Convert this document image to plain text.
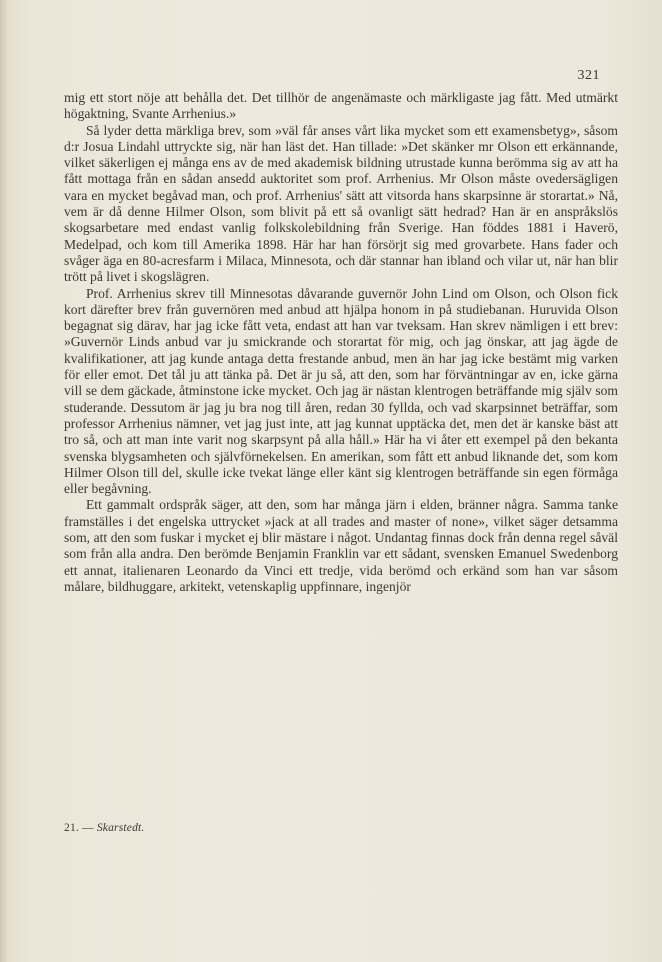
321

mig ett stort nöje att behålla det. Det tillhör de angenämaste och märkligaste jag fått. Med utmärkt högaktning, Svante Arrhenius.»

Så lyder detta märkliga brev, som »väl får anses vårt lika mycket som ett examensbetyg», såsom d:r Josua Lindahl uttryckte sig, när han läst det. Han tillade: »Det skänker mr Olson ett erkännande, vilket säkerligen ej många ens av de med akademisk bildning utrustade kunna berömma sig av att ha fått mottaga från en sådan ansedd auktoritet som prof. Arrhenius. Mr Olson måste ovedersägligen vara en mycket begåvad man, och prof. Arrhenius' sätt att vitsorda hans skarpsinne är storartat.» Nå, vem är då denne Hilmer Olson, som blivit på ett så ovanligt sätt hedrad? Han är en anspråkslös skogsarbetare med endast vanlig folkskolebildning från Sverige. Han föddes 1881 i Haverö, Medelpad, och kom till Amerika 1898. Här har han försörjt sig med grovarbete. Hans fader och svåger äga en 80-acresfarm i Milaca, Minnesota, och där stannar han ibland och vilar ut, när han blir trött på livet i skogslägren.

Prof. Arrhenius skrev till Minnesotas dåvarande guvernör John Lind om Olson, och Olson fick kort därefter brev från guvernören med anbud att hjälpa honom in på studiebanan. Huruvida Olson begagnat sig därav, har jag icke fått veta, endast att han var tveksam. Han skrev nämligen i ett brev: »Guvernör Linds anbud var ju smickrande och storartat för mig, och jag önskar, att jag ägde de kvalifikationer, att jag kunde antaga detta frestande anbud, men än har jag icke bestämt mig varken för eller emot. Det tål ju att tänka på. Det är ju så, att den, som har förväntningar av en, icke gärna vill se dem gäckade, åtminstone icke mycket. Och jag är nästan klentrogen beträffande mig själv som studerande. Dessutom är jag ju bra nog till åren, redan 30 fyllda, och vad skarpsinnet beträffar, som professor Arrhenius nämner, vet jag just inte, att jag kunnat upptäcka det, men det är kanske bäst att tro så, och att man inte varit nog skarpsynt på alla håll.» Här ha vi åter ett exempel på den bekanta svenska blygsamheten och självförnekelsen. En amerikan, som fått ett anbud liknande det, som kom Hilmer Olson till del, skulle icke tvekat länge eller känt sig klentrogen beträffande sin egen förmåga eller begåvning.

Ett gammalt ordspråk säger, att den, som har många järn i elden, bränner några. Samma tanke framställes i det engelska uttrycket »jack at all trades and master of none», vilket säger detsamma som, att den som fuskar i mycket ej blir mästare i något. Undantag finnas dock från denna regel såväl som från alla andra. Den berömde Benjamin Franklin var ett sådant, svensken Emanuel Swedenborg ett annat, italienaren Leonardo da Vinci ett tredje, vida berömd och erkänd som han var såsom målare, bildhuggare, arkitekt, vetenskaplig uppfinnare, ingenjör

21. — Skarstedt.
